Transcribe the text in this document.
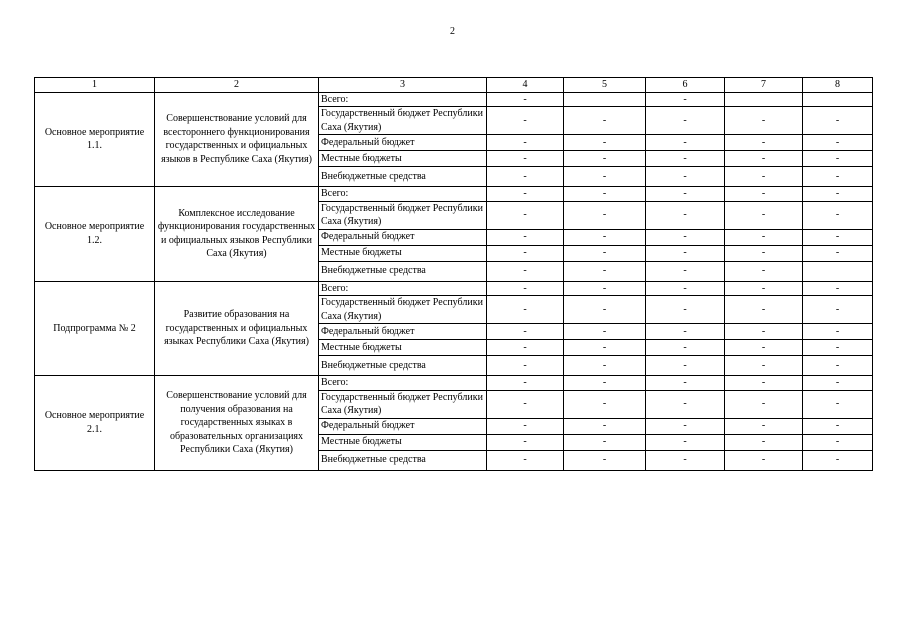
2
1	2	3	4	5	6	7	8
Основное мероприятие 1.1.	Совершенствование условий для всестороннего функционирования государственных и официальных языков в Республике Саха (Якутия)	Всего:	-		-		
		Государственный бюджет Республики Саха (Якутия)	-	-	-	-	-
		Федеральный бюджет	-	-	-	-	-
		Местные бюджеты	-	-	-	-	-
		Внебюджетные средства	-	-	-	-	-
Основное мероприятие 1.2.	Комплексное исследование функционирования государственных и официальных языков Республики Саха (Якутия)	Всего:	-	-	-	-	-
		Государственный бюджет Республики Саха (Якутия)	-	-	-	-	-
		Федеральный бюджет	-	-	-	-	-
		Местные бюджеты	-	-	-	-	-
		Внебюджетные средства	-	-	-	-	
Подпрограмма № 2	Развитие образования на государственных и официальных языках Республики Саха (Якутия)	Всего:	-	-	-	-	-
		Государственный бюджет Республики Саха (Якутия)	-	-	-	-	-
		Федеральный бюджет	-	-	-	-	-
		Местные бюджеты	-	-	-	-	-
		Внебюджетные средства	-	-	-	-	-
Основное мероприятие 2.1.	Совершенствование условий для получения образования на государственных языках в образовательных организациях Республики Саха (Якутия)	Всего:	-	-	-	-	-
		Государственный бюджет Республики Саха (Якутия)	-	-	-	-	-
		Федеральный бюджет	-	-	-	-	-
		Местные бюджеты	-	-	-	-	-
		Внебюджетные средства	-	-	-	-	-
